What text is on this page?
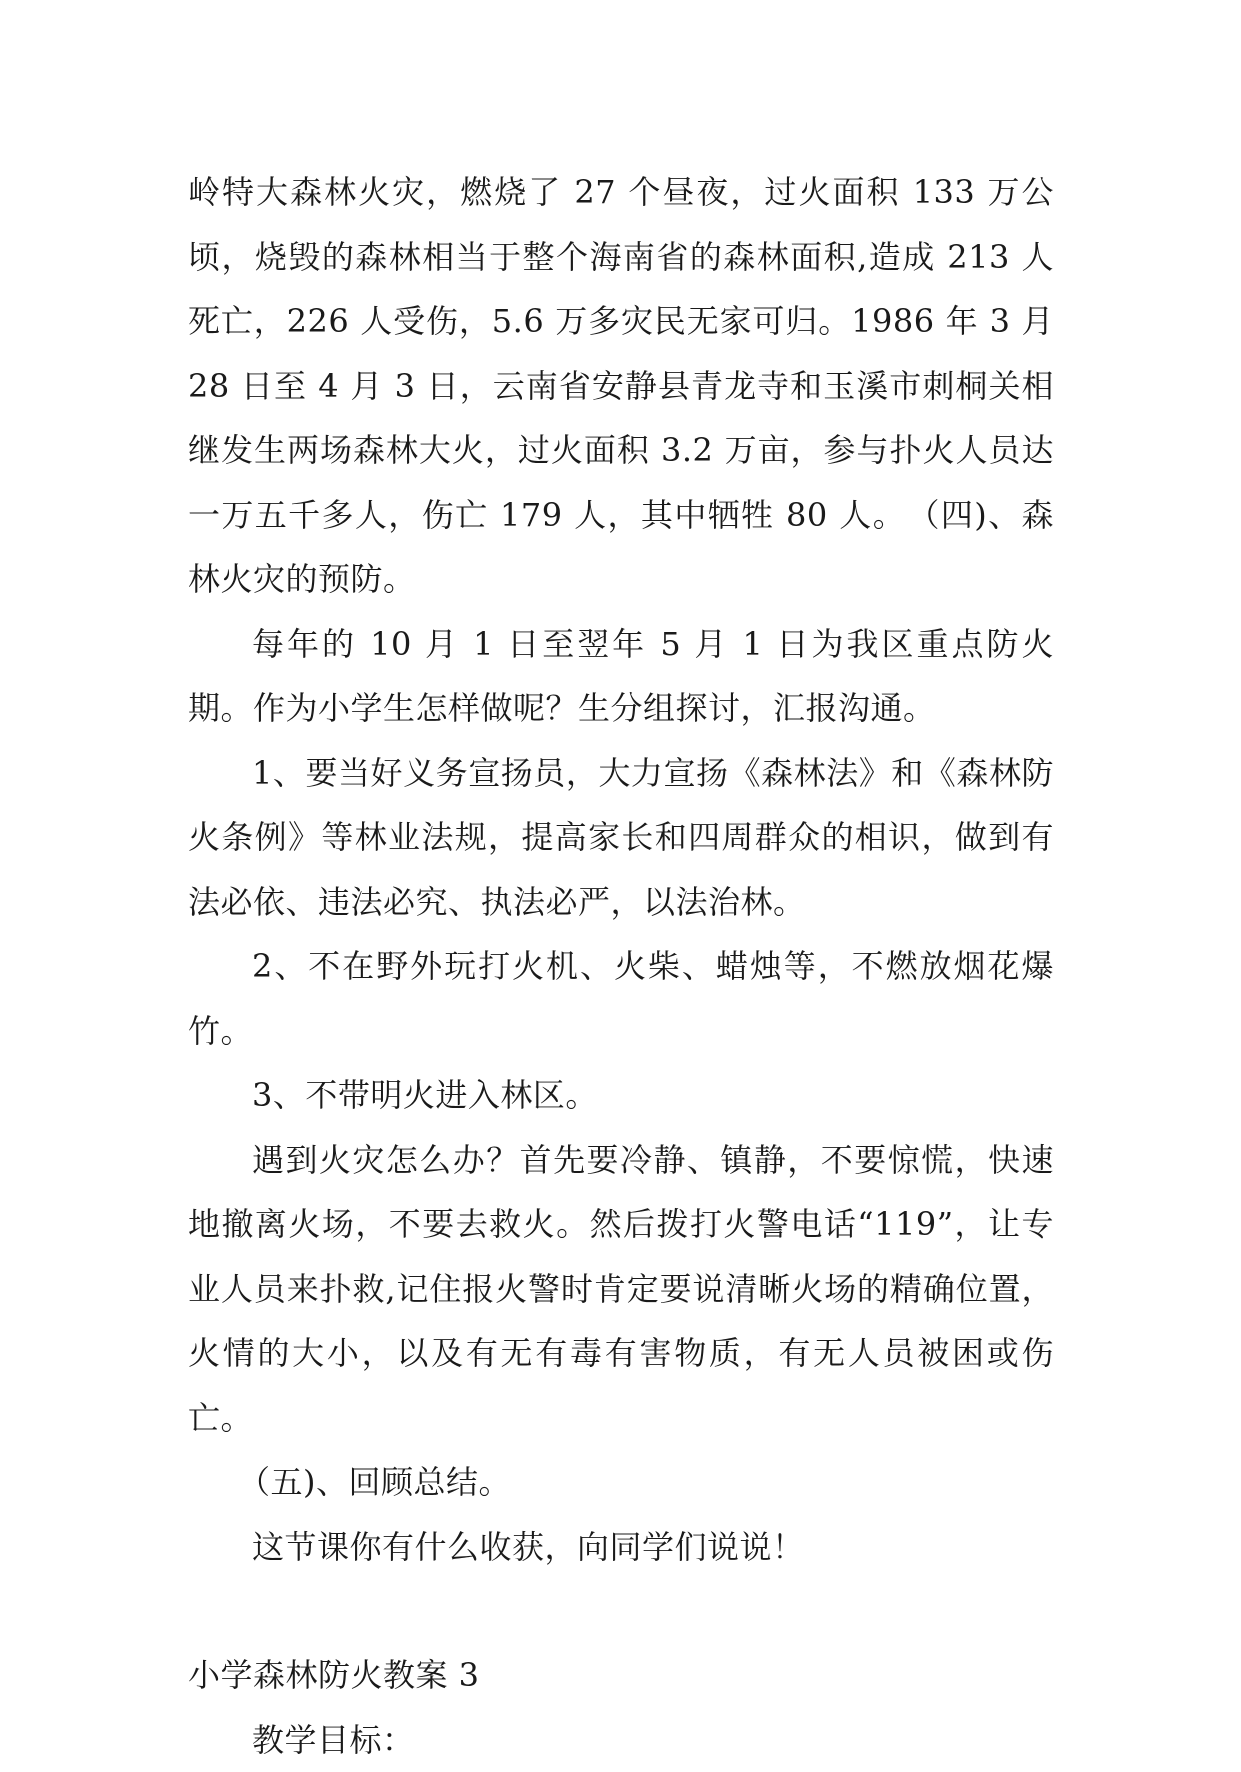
岭特大森林火灾，燃烧了 27 个昼夜，过火面积 133 万公顷，烧毁的森林相当于整个海南省的森林面积,造成 213 人死亡，226 人受伤，5.6 万多灾民无家可归。1986 年 3 月 28 日至 4 月 3 日，云南省安静县青龙寺和玉溪市刺桐关相继发生两场森林大火，过火面积 3.2 万亩，参与扑火人员达一万五千多人，伤亡 179 人，其中牺牲 80 人。　（四)、森林火灾的预防。

每年的 10 月 1 日至翌年 5 月 1 日为我区重点防火期。作为小学生怎样做呢？生分组探讨，汇报沟通。

1、要当好义务宣扬员，大力宣扬《森林法》和《森林防火条例》等林业法规，提高家长和四周群众的相识，做到有法必依、违法必究、执法必严，以法治林。

2、不在野外玩打火机、火柴、蜡烛等，不燃放烟花爆竹。

3、不带明火进入林区。

遇到火灾怎么办？首先要冷静、镇静，不要惊慌，快速地撤离火场，不要去救火。然后拨打火警电话“119”，让专业人员来扑救,记住报火警时肯定要说清晰火场的精确位置，火情的大小，以及有无有毒有害物质，有无人员被困或伤亡。

（五)、回顾总结。

这节课你有什么收获，向同学们说说！

小学森林防火教案 3

教学目标：
